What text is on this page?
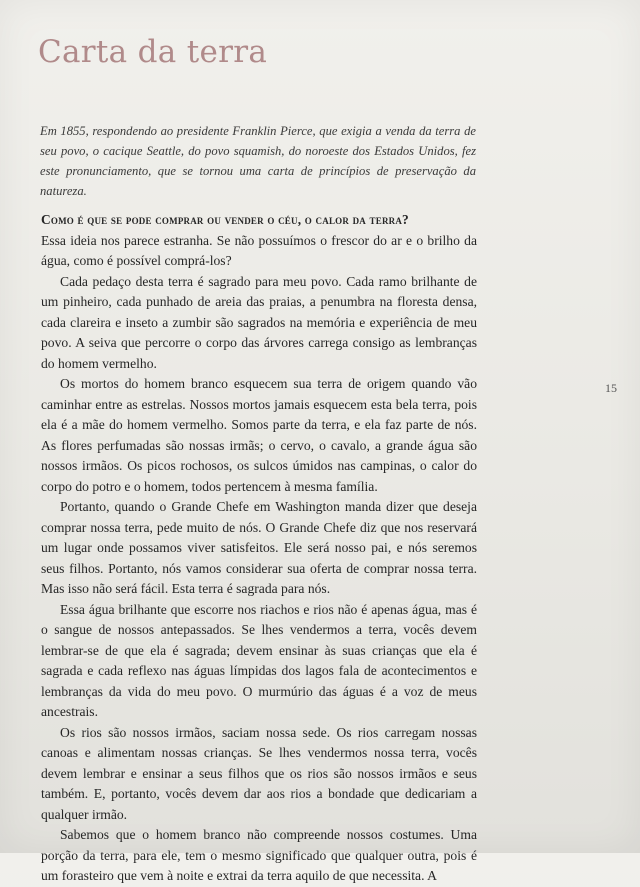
Carta da terra

Em 1855, respondendo ao presidente Franklin Pierce, que exigia a venda da terra de seu povo, o cacique Seattle, do povo squamish, do noroeste dos Estados Unidos, fez este pronunciamento, que se tornou uma carta de princípios de preservação da natureza.

Como é que se pode comprar ou vender o céu, o calor da terra?
Essa ideia nos parece estranha. Se não possuímos o frescor do ar e o brilho da água, como é possível comprá-los?

Cada pedaço desta terra é sagrado para meu povo. Cada ramo brilhante de um pinheiro, cada punhado de areia das praias, a penumbra na floresta densa, cada clareira e inseto a zumbir são sagrados na memória e experiência de meu povo. A seiva que percorre o corpo das árvores carrega consigo as lembranças do homem vermelho.

Os mortos do homem branco esquecem sua terra de origem quando vão caminhar entre as estrelas. Nossos mortos jamais esquecem esta bela terra, pois ela é a mãe do homem vermelho. Somos parte da terra, e ela faz parte de nós. As flores perfumadas são nossas irmãs; o cervo, o cavalo, a grande água são nossos irmãos. Os picos rochosos, os sulcos úmidos nas campinas, o calor do corpo do potro e o homem, todos pertencem à mesma família.

Portanto, quando o Grande Chefe em Washington manda dizer que deseja comprar nossa terra, pede muito de nós. O Grande Chefe diz que nos reservará um lugar onde possamos viver satisfeitos. Ele será nosso pai, e nós seremos seus filhos. Portanto, nós vamos considerar sua oferta de comprar nossa terra. Mas isso não será fácil. Esta terra é sagrada para nós.

Essa água brilhante que escorre nos riachos e rios não é apenas água, mas é o sangue de nossos antepassados. Se lhes vendermos a terra, vocês devem lembrar-se de que ela é sagrada; devem ensinar às suas crianças que ela é sagrada e cada reflexo nas águas límpidas dos lagos fala de acontecimentos e lembranças da vida do meu povo. O murmúrio das águas é a voz de meus ancestrais.

Os rios são nossos irmãos, saciam nossa sede. Os rios carregam nossas canoas e alimentam nossas crianças. Se lhes vendermos nossa terra, vocês devem lembrar e ensinar a seus filhos que os rios são nossos irmãos e seus também. E, portanto, vocês devem dar aos rios a bondade que dedicariam a qualquer irmão.

Sabemos que o homem branco não compreende nossos costumes. Uma porção da terra, para ele, tem o mesmo significado que qualquer outra, pois é um forasteiro que vem à noite e extrai da terra aquilo de que necessita. A

15
